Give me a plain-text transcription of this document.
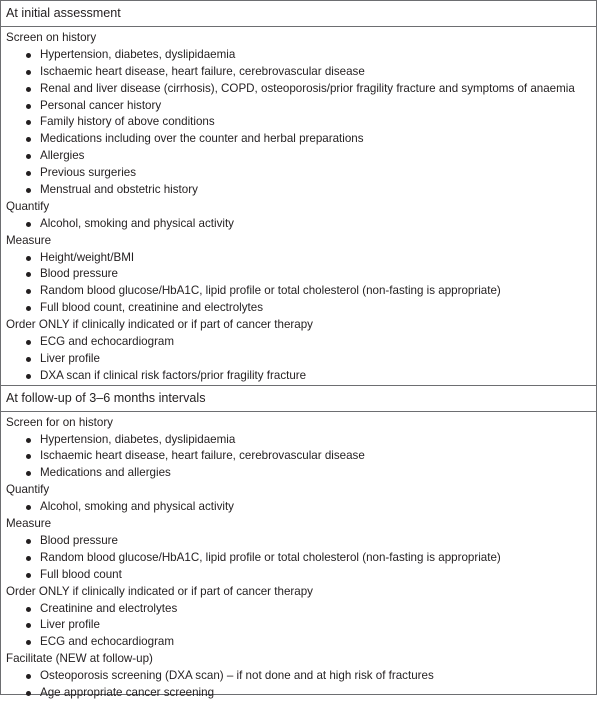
At initial assessment
Screen on history
Hypertension, diabetes, dyslipidaemia
Ischaemic heart disease, heart failure, cerebrovascular disease
Renal and liver disease (cirrhosis), COPD, osteoporosis/prior fragility fracture and symptoms of anaemia
Personal cancer history
Family history of above conditions
Medications including over the counter and herbal preparations
Allergies
Previous surgeries
Menstrual and obstetric history
Quantify
Alcohol, smoking and physical activity
Measure
Height/weight/BMI
Blood pressure
Random blood glucose/HbA1C, lipid profile or total cholesterol (non-fasting is appropriate)
Full blood count, creatinine and electrolytes
Order ONLY if clinically indicated or if part of cancer therapy
ECG and echocardiogram
Liver profile
DXA scan if clinical risk factors/prior fragility fracture
At follow-up of 3–6 months intervals
Screen for on history
Hypertension, diabetes, dyslipidaemia
Ischaemic heart disease, heart failure, cerebrovascular disease
Medications and allergies
Quantify
Alcohol, smoking and physical activity
Measure
Blood pressure
Random blood glucose/HbA1C, lipid profile or total cholesterol (non-fasting is appropriate)
Full blood count
Order ONLY if clinically indicated or if part of cancer therapy
Creatinine and electrolytes
Liver profile
ECG and echocardiogram
Facilitate (NEW at follow-up)
Osteoporosis screening (DXA scan) – if not done and at high risk of fractures
Age appropriate cancer screening
